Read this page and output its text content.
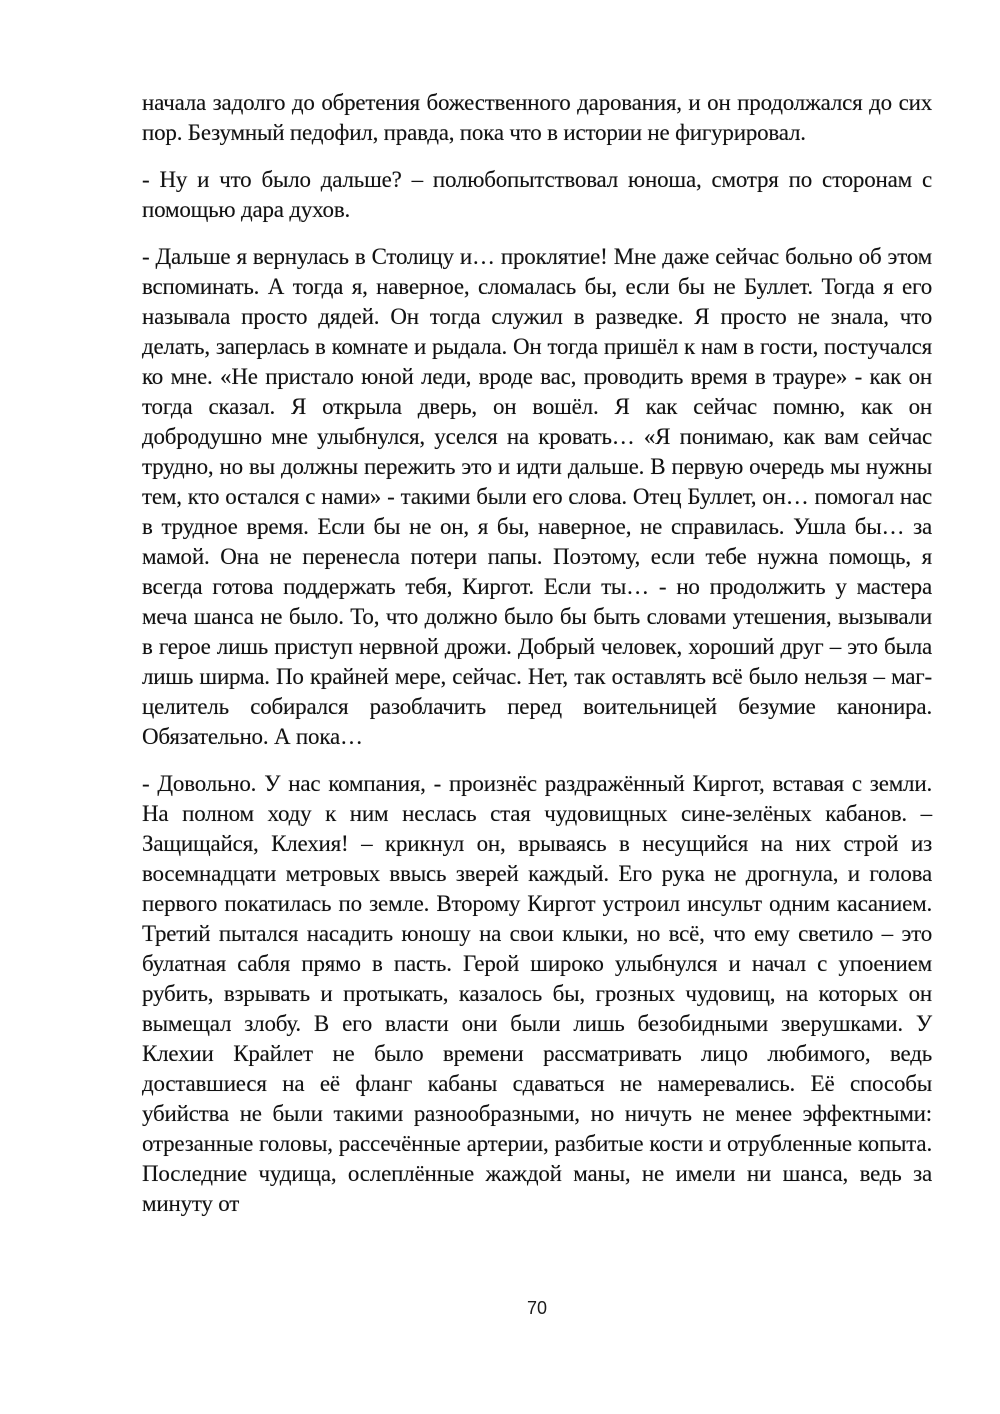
начала задолго до обретения божественного дарования, и он продолжался до сих пор. Безумный педофил, правда, пока что в истории не фигурировал.

- Ну и что было дальше? – полюбопытствовал юноша, смотря по сторонам с помощью дара духов.

- Дальше я вернулась в Столицу и… проклятие! Мне даже сейчас больно об этом вспоминать. А тогда я, наверное, сломалась бы, если бы не Буллет. Тогда я его называла просто дядей. Он тогда служил в разведке. Я просто не знала, что делать, заперлась в комнате и рыдала. Он тогда пришёл к нам в гости, постучался ко мне. «Не пристало юной леди, вроде вас, проводить время в трауре» - как он тогда сказал. Я открыла дверь, он вошёл. Я как сейчас помню, как он добродушно мне улыбнулся, уселся на кровать… «Я понимаю, как вам сейчас трудно, но вы должны пережить это и идти дальше. В первую очередь мы нужны тем, кто остался с нами» - такими были его слова. Отец Буллет, он… помогал нас в трудное время. Если бы не он, я бы, наверное, не справилась. Ушла бы… за мамой. Она не перенесла потери папы. Поэтому, если тебе нужна помощь, я всегда готова поддержать тебя, Киргот. Если ты… - но продолжить у мастера меча шанса не было. То, что должно было бы быть словами утешения, вызывали в герое лишь приступ нервной дрожи. Добрый человек, хороший друг – это была лишь ширма. По крайней мере, сейчас. Нет, так оставлять всё было нельзя – маг-целитель собирался разоблачить перед воительницей безумие канонира. Обязательно. А пока…

- Довольно. У нас компания, - произнёс раздражённый Киргот, вставая с земли. На полном ходу к ним неслась стая чудовищных сине-зелёных кабанов. – Защищайся, Клехия! – крикнул он, врываясь в несущийся на них строй из восемнадцати метровых ввысь зверей каждый. Его рука не дрогнула, и голова первого покатилась по земле. Второму Киргот устроил инсульт одним касанием. Третий пытался насадить юношу на свои клыки, но всё, что ему светило – это булатная сабля прямо в пасть. Герой широко улыбнулся и начал с упоением рубить, взрывать и протыкать, казалось бы, грозных чудовищ, на которых он вымещал злобу. В его власти они были лишь безобидными зверушками. У Клехии Крайлет не было времени рассматривать лицо любимого, ведь доставшиеся на её фланг кабаны сдаваться не намеревались. Её способы убийства не были такими разнообразными, но ничуть не менее эффектными: отрезанные головы, рассечённые артерии, разбитые кости и отрубленные копыта. Последние чудища, ослеплённые жаждой маны, не имели ни шанса, ведь за минуту от

70
